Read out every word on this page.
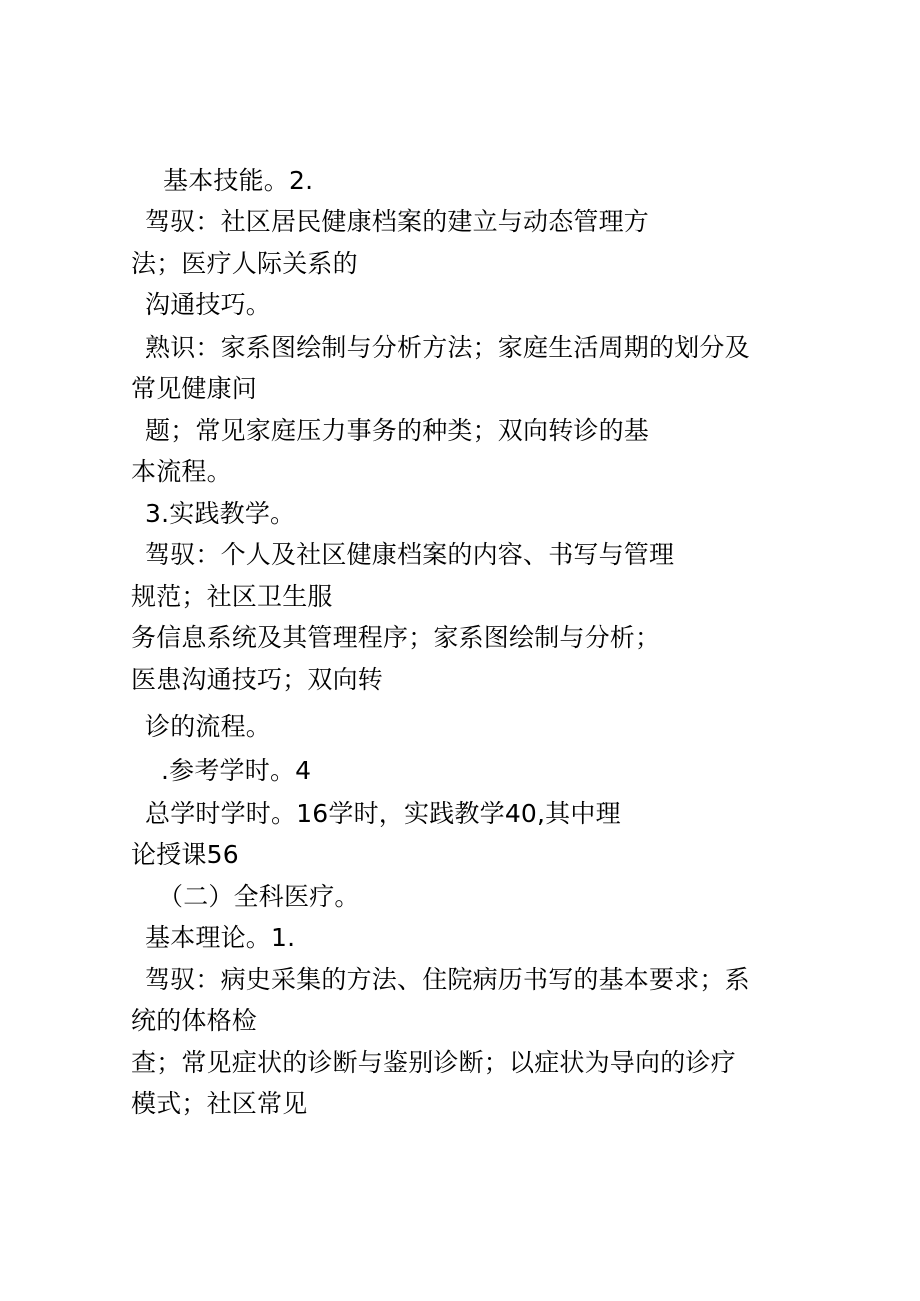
基本技能。2.
驾驭：社区居民健康档案的建立与动态管理方
法；医疗人际关系的
沟通技巧。
熟识：家系图绘制与分析方法；家庭生活周期的划分及
常见健康问
题；常见家庭压力事务的种类；双向转诊的基
本流程。
3.实践教学。
驾驭：个人及社区健康档案的内容、书写与管理
规范；社区卫生服
务信息系统及其管理程序；家系图绘制与分析；
医患沟通技巧；双向转
诊的流程。
.参考学时。4
总学时学时。16学时，实践教学40,其中理
论授课56
（二）全科医疗。
基本理论。1.
驾驭：病史采集的方法、住院病历书写的基本要求；系
统的体格检
查；常见症状的诊断与鉴别诊断；以症状为导向的诊疗
模式；社区常见
